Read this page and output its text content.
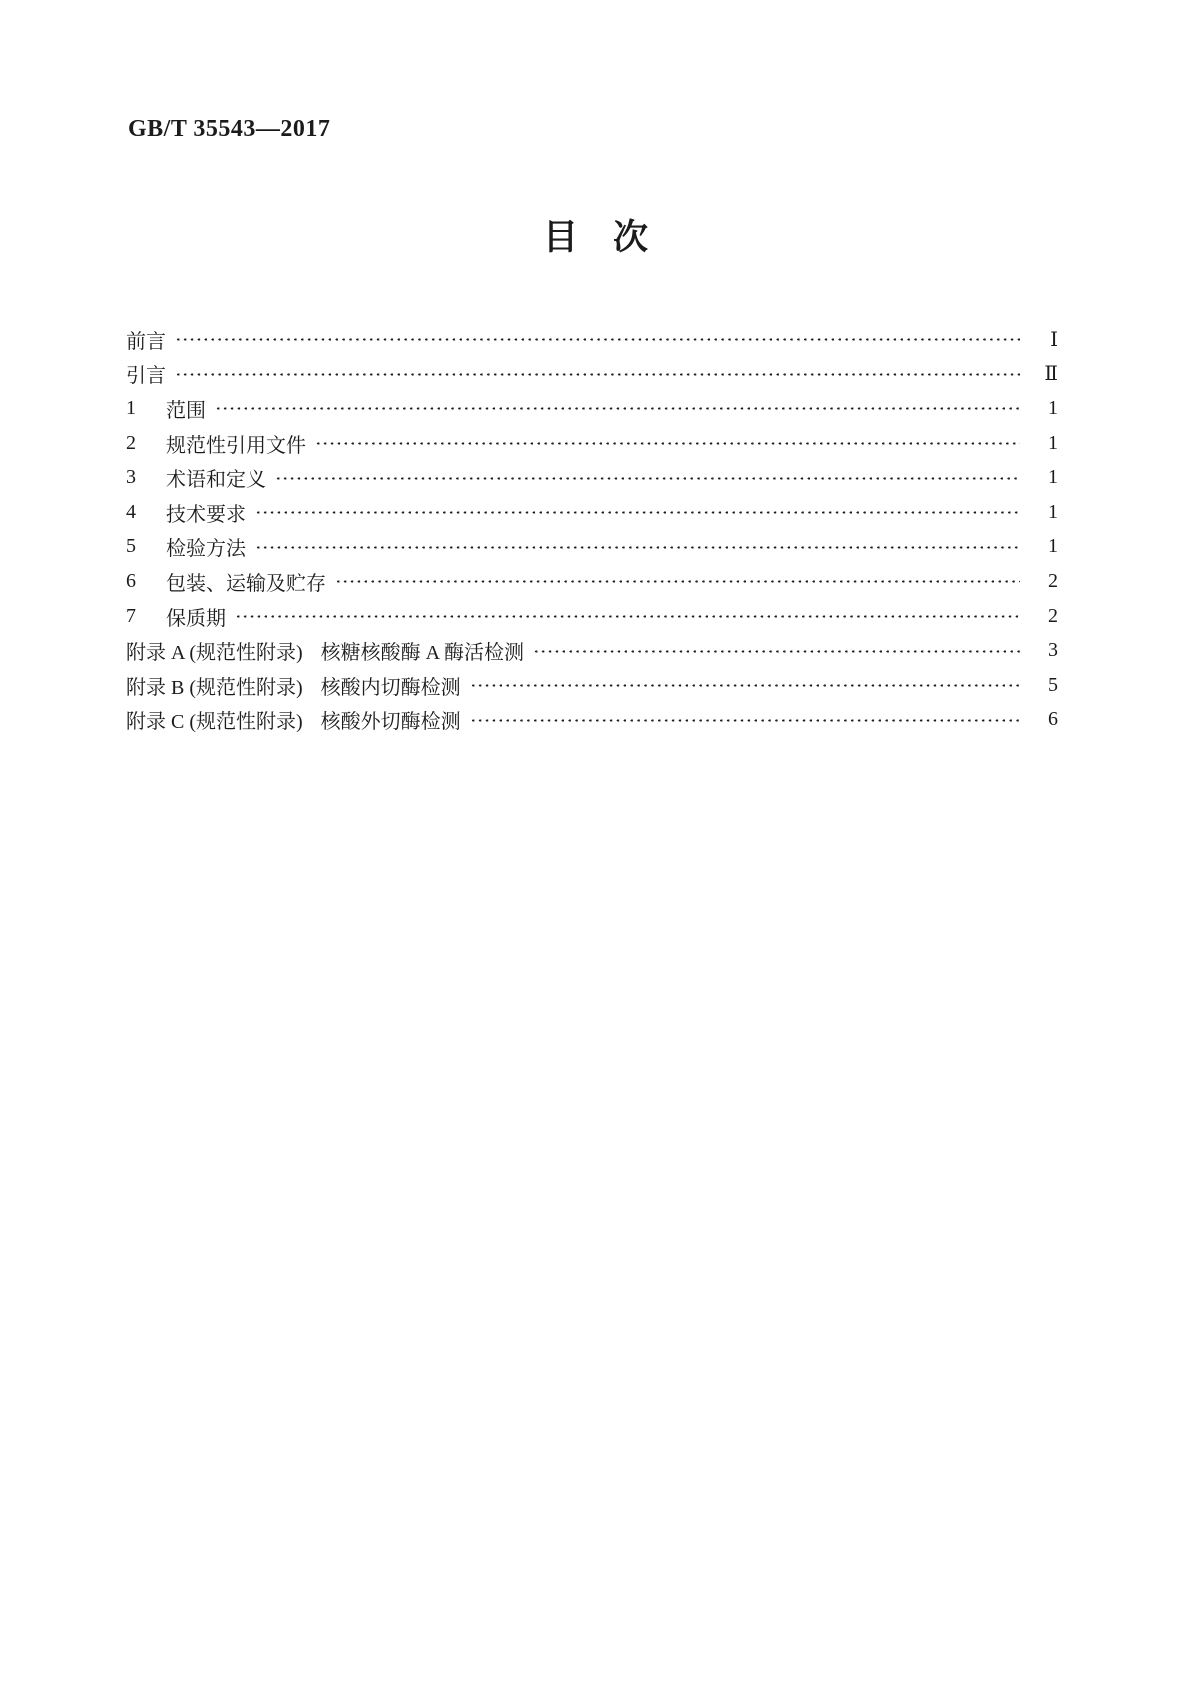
GB/T 35543—2017
目　次
前言	Ⅰ
引言	Ⅱ
1	范围	1
2	规范性引用文件	1
3	术语和定义	1
4	技术要求	1
5	检验方法	1
6	包装、运输及贮存	2
7	保质期	2
附录 A (规范性附录) 核糖核酸酶 A 酶活检测	3
附录 B (规范性附录) 核酸内切酶检测	5
附录 C (规范性附录) 核酸外切酶检测	6
